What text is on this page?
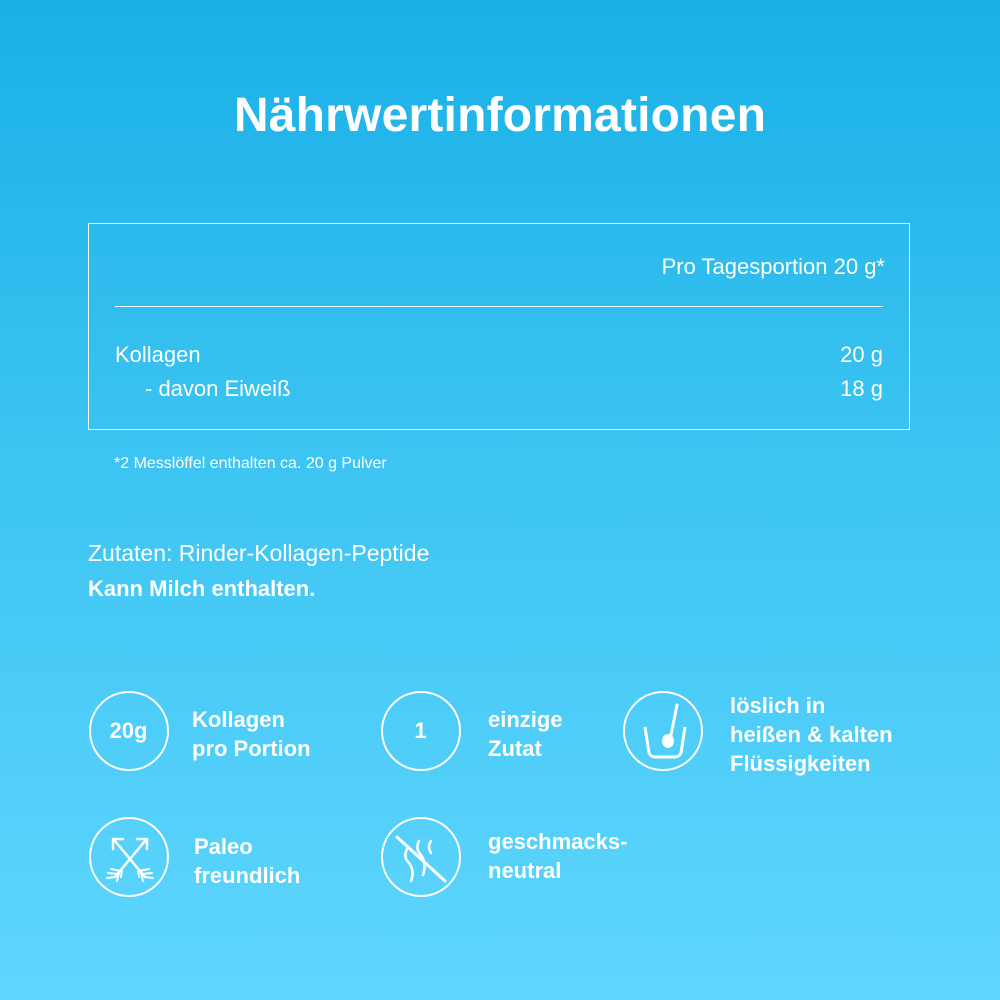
Nährwertinformationen
Pro Tagesportion 20 g*
Kollagen	20 g
- davon Eiweiß	18 g
*2 Messlöffel enthalten ca. 20 g Pulver
Zutaten: Rinder-Kollagen-Peptide
Kann Milch enthalten.
20g	Kollagen
pro Portion
1	einzige
Zutat
löslich in
heißen & kalten
Flüssigkeiten
Paleo
freundlich
geschmacks-
neutral
